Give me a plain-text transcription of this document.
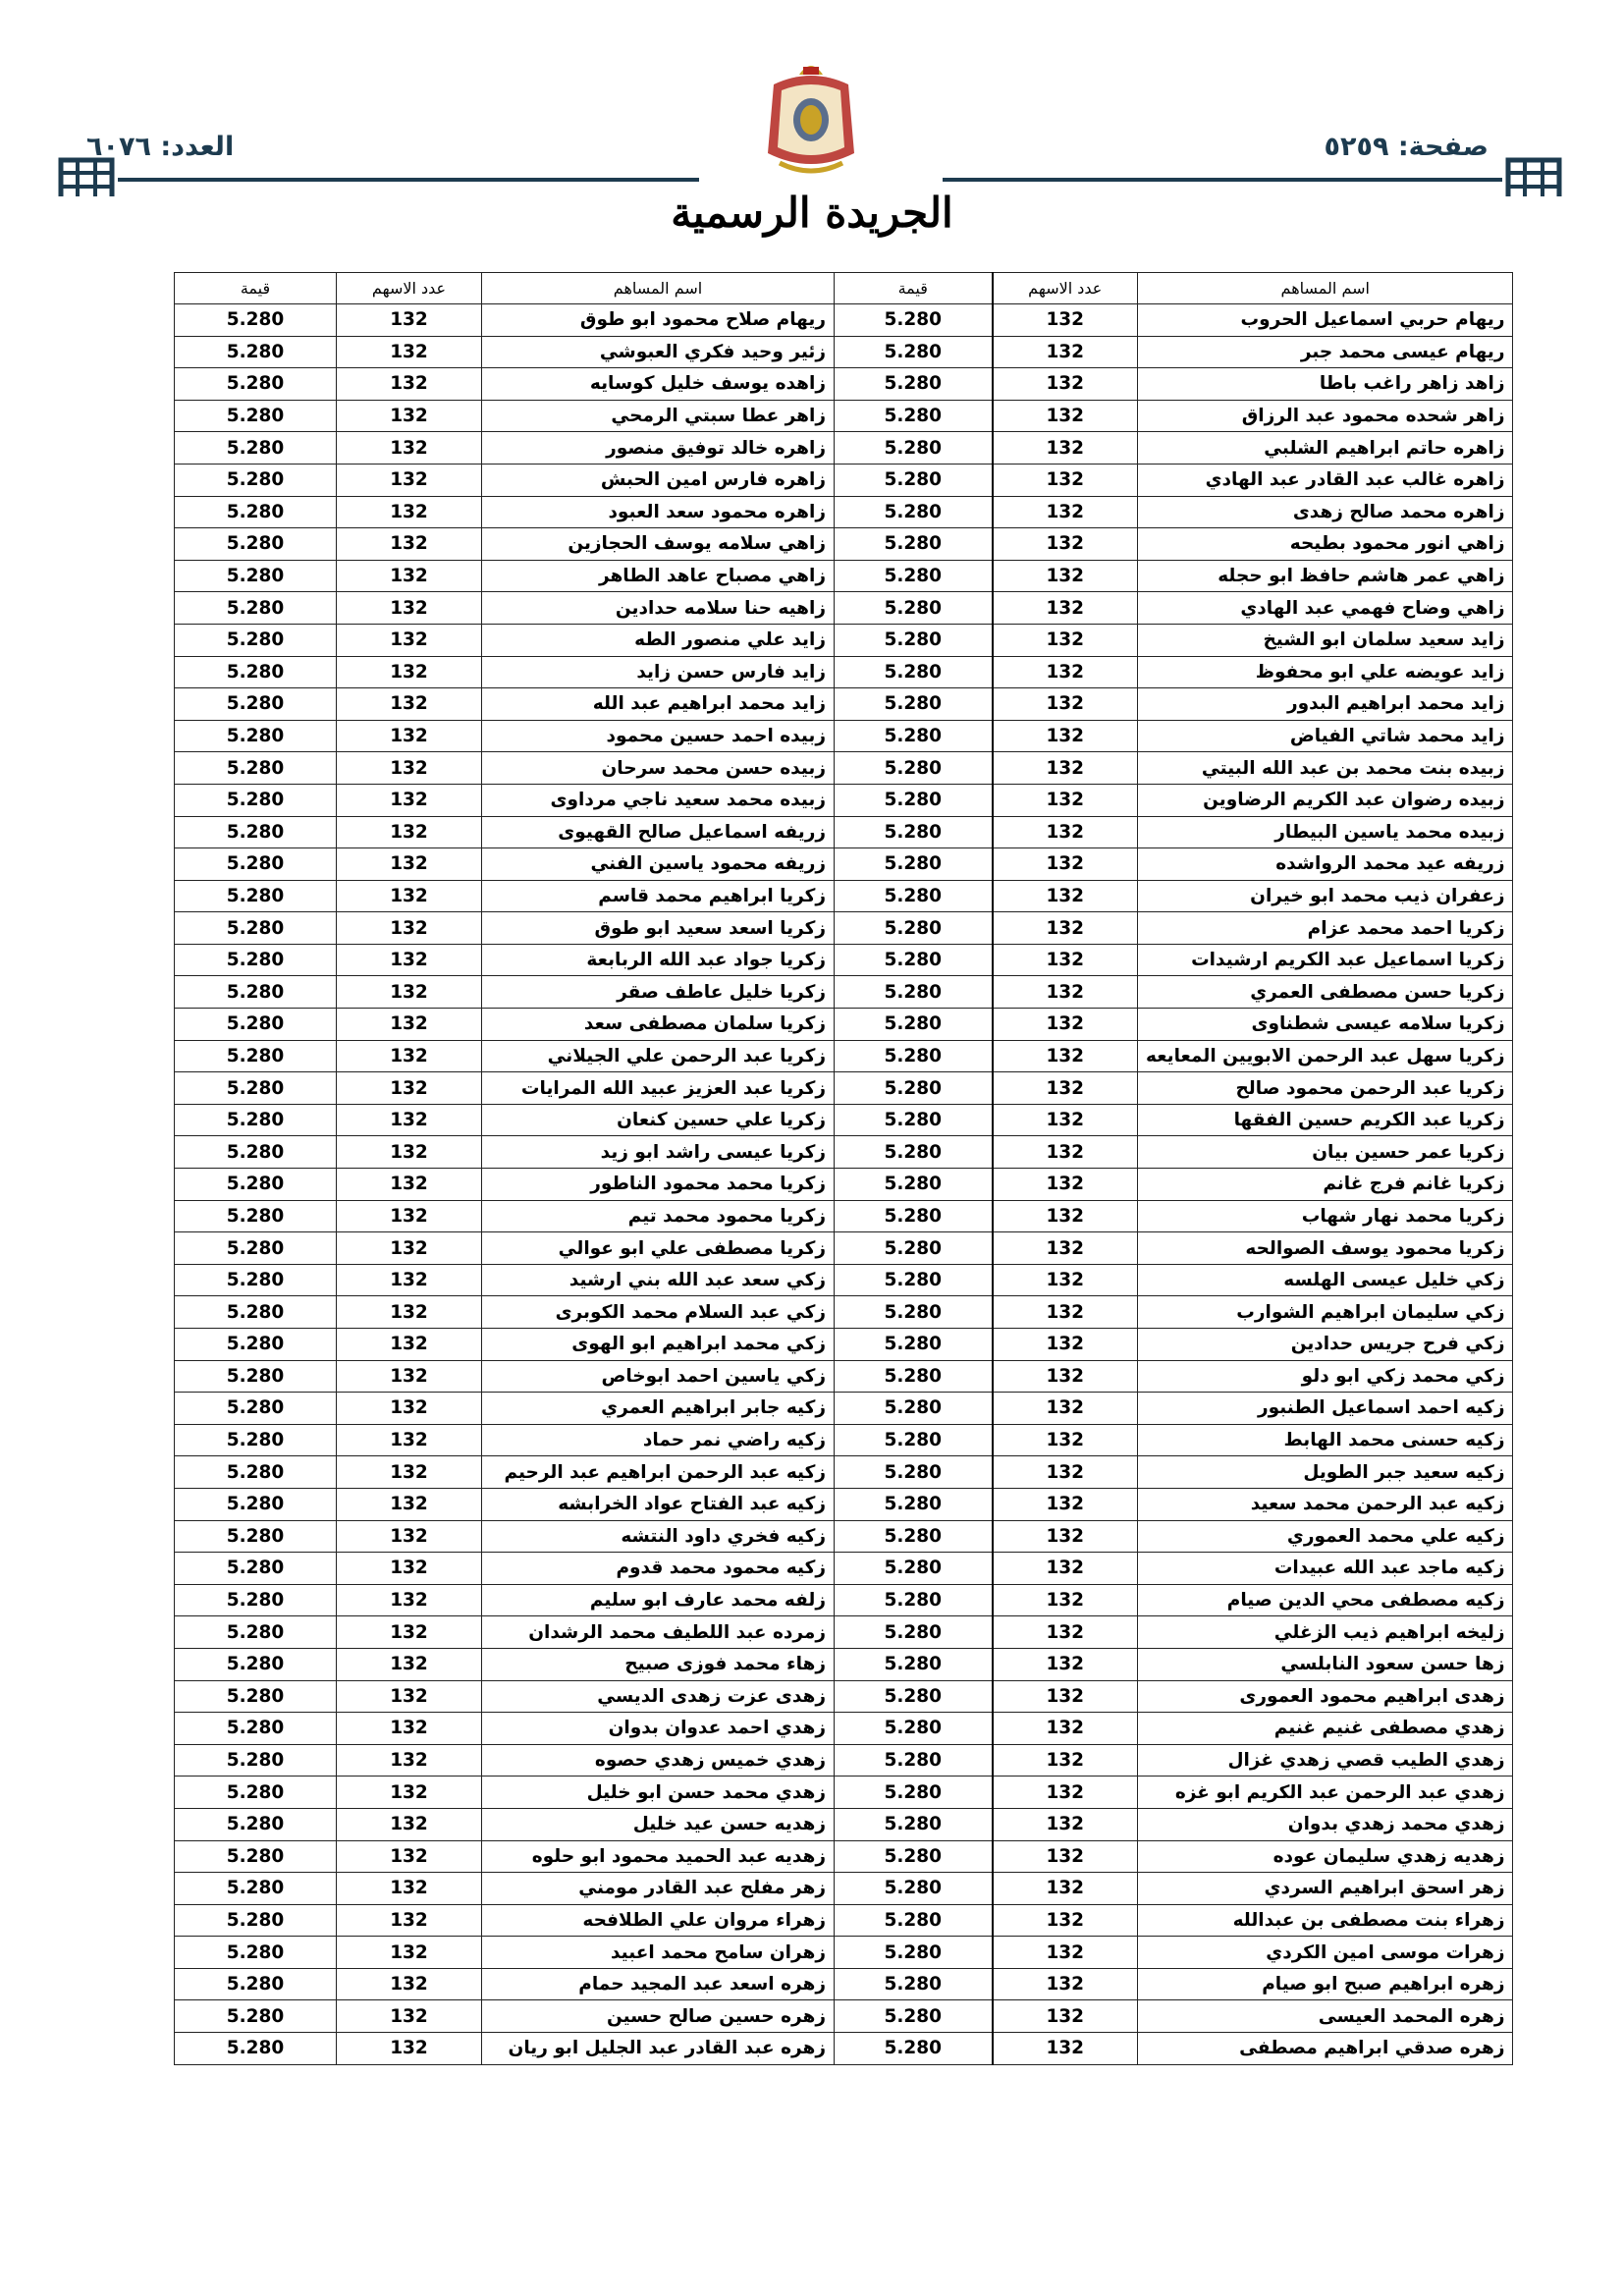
صفحة: ٥٢٥٩
العدد: ٦٠٧٦
الجريدة الرسمية
اسم المساهم	عدد الاسهم	قيمة	اسم المساهم	عدد الاسهم	قيمة
ريهام حربي اسماعيل الحروب	132	5.280	ريهام صلاح محمود ابو طوق	132	5.280
ريهام عيسى محمد جبر	132	5.280	زئير وحيد فكري العبوشي	132	5.280
زاهد زاهر راغب باطا	132	5.280	زاهده يوسف خليل كوسايه	132	5.280
زاهر شحده محمود عبد الرزاق	132	5.280	زاهر عطا سبتي الرمحي	132	5.280
زاهره حاتم ابراهيم الشلبي	132	5.280	زاهره خالد توفيق منصور	132	5.280
زاهره غالب عبد القادر عبد الهادي	132	5.280	زاهره فارس امين الحبش	132	5.280
زاهره محمد صالح زهدى	132	5.280	زاهره محمود سعد العبود	132	5.280
زاهي انور محمود بطيحه	132	5.280	زاهي سلامه يوسف الحجازين	132	5.280
زاهي عمر هاشم حافظ ابو حجله	132	5.280	زاهي مصباح عاهد الطاهر	132	5.280
زاهي وضاح فهمي عبد الهادي	132	5.280	زاهيه حنا سلامه حدادين	132	5.280
زايد سعيد سلمان ابو الشيخ	132	5.280	زايد علي منصور الطه	132	5.280
زايد عويضه علي ابو محفوظ	132	5.280	زايد فارس حسن زايد	132	5.280
زايد محمد ابراهيم البدور	132	5.280	زايد محمد ابراهيم عبد الله	132	5.280
زايد محمد شاتي الفياض	132	5.280	زبيده احمد حسين محمود	132	5.280
زبيده بنت محمد بن عبد الله البيتي	132	5.280	زبيده حسن محمد سرحان	132	5.280
زبيده رضوان عبد الكريم الرضاوين	132	5.280	زبيده محمد سعيد ناجي مرداوى	132	5.280
زبيده محمد ياسين البيطار	132	5.280	زريفه اسماعيل صالح القهيوى	132	5.280
زريفه عيد محمد الرواشده	132	5.280	زريفه محمود ياسين الفني	132	5.280
زعفران ذيب محمد ابو خيران	132	5.280	زكريا ابراهيم محمد قاسم	132	5.280
زكريا احمد محمد عزام	132	5.280	زكريا اسعد سعيد ابو طوق	132	5.280
زكريا اسماعيل عبد الكريم ارشيدات	132	5.280	زكريا جواد عبد الله الربابعة	132	5.280
زكريا حسن مصطفى العمري	132	5.280	زكريا خليل عاطف صقر	132	5.280
زكريا سلامه عيسى شطناوى	132	5.280	زكريا سلمان مصطفى سعد	132	5.280
زكريا سهل عبد الرحمن الابويين المعايعه	132	5.280	زكريا عبد الرحمن علي الجيلاني	132	5.280
زكريا عبد الرحمن محمود صالح	132	5.280	زكريا عبد العزيز عبيد الله المرايات	132	5.280
زكريا عبد الكريم حسين الفقها	132	5.280	زكريا علي حسين كنعان	132	5.280
زكريا عمر حسين بيان	132	5.280	زكريا عيسى راشد ابو زيد	132	5.280
زكريا غانم فرج غانم	132	5.280	زكريا محمد محمود الناطور	132	5.280
زكريا محمد نهار شهاب	132	5.280	زكريا محمود محمد تيم	132	5.280
زكريا محمود يوسف الصوالحه	132	5.280	زكريا مصطفى علي ابو عوالي	132	5.280
زكي خليل عيسى الهلسه	132	5.280	زكي سعد عبد الله بني ارشيد	132	5.280
زكي سليمان ابراهيم الشوارب	132	5.280	زكي عبد السلام محمد الكوبرى	132	5.280
زكي فرح جريس حدادين	132	5.280	زكي محمد ابراهيم ابو الهوى	132	5.280
زكي محمد زكي ابو دلو	132	5.280	زكي ياسين احمد ابوخاص	132	5.280
زكيه احمد اسماعيل الطنبور	132	5.280	زكيه جابر ابراهيم العمري	132	5.280
زكيه حسنى محمد الهابط	132	5.280	زكيه راضي نمر حماد	132	5.280
زكيه سعيد جبر الطويل	132	5.280	زكيه عبد الرحمن ابراهيم عبد الرحيم	132	5.280
زكيه عبد الرحمن محمد سعيد	132	5.280	زكيه عبد الفتاح عواد الخرابشه	132	5.280
زكيه علي محمد العموري	132	5.280	زكيه فخري داود النتشه	132	5.280
زكيه ماجد عبد الله عبيدات	132	5.280	زكيه محمود محمد قدوم	132	5.280
زكيه مصطفى محي الدين صيام	132	5.280	زلفه محمد عارف ابو سليم	132	5.280
زليخه ابراهيم ذيب الزغلي	132	5.280	زمرده عبد اللطيف محمد الرشدان	132	5.280
زها حسن سعود النابلسي	132	5.280	زهاء محمد فوزى صبيح	132	5.280
زهدى ابراهيم محمود العمورى	132	5.280	زهدى عزت زهدى الديسي	132	5.280
زهدي مصطفى غنيم غنيم	132	5.280	زهدي احمد عدوان بدوان	132	5.280
زهدي الطيب قصي زهدي غزال	132	5.280	زهدي خميس زهدي حصوه	132	5.280
زهدي عبد الرحمن عبد الكريم ابو غزه	132	5.280	زهدي محمد حسن ابو خليل	132	5.280
زهدي محمد زهدي بدوان	132	5.280	زهديه حسن عيد خليل	132	5.280
زهديه زهدي سليمان عوده	132	5.280	زهديه عبد الحميد محمود ابو حلوه	132	5.280
زهر اسحق ابراهيم السردي	132	5.280	زهر مفلح عبد القادر مومني	132	5.280
زهراء بنت مصطفى بن عبدالله	132	5.280	زهراء مروان علي الطلافحه	132	5.280
زهرات موسى امين الكردي	132	5.280	زهران سامح محمد اعبيد	132	5.280
زهره ابراهيم صبح ابو صيام	132	5.280	زهره اسعد عبد المجيد حمام	132	5.280
زهره المحمد العيسى	132	5.280	زهره حسين صالح حسين	132	5.280
زهره صدقي ابراهيم مصطفى	132	5.280	زهره عبد القادر عبد الجليل ابو ريان	132	5.280
